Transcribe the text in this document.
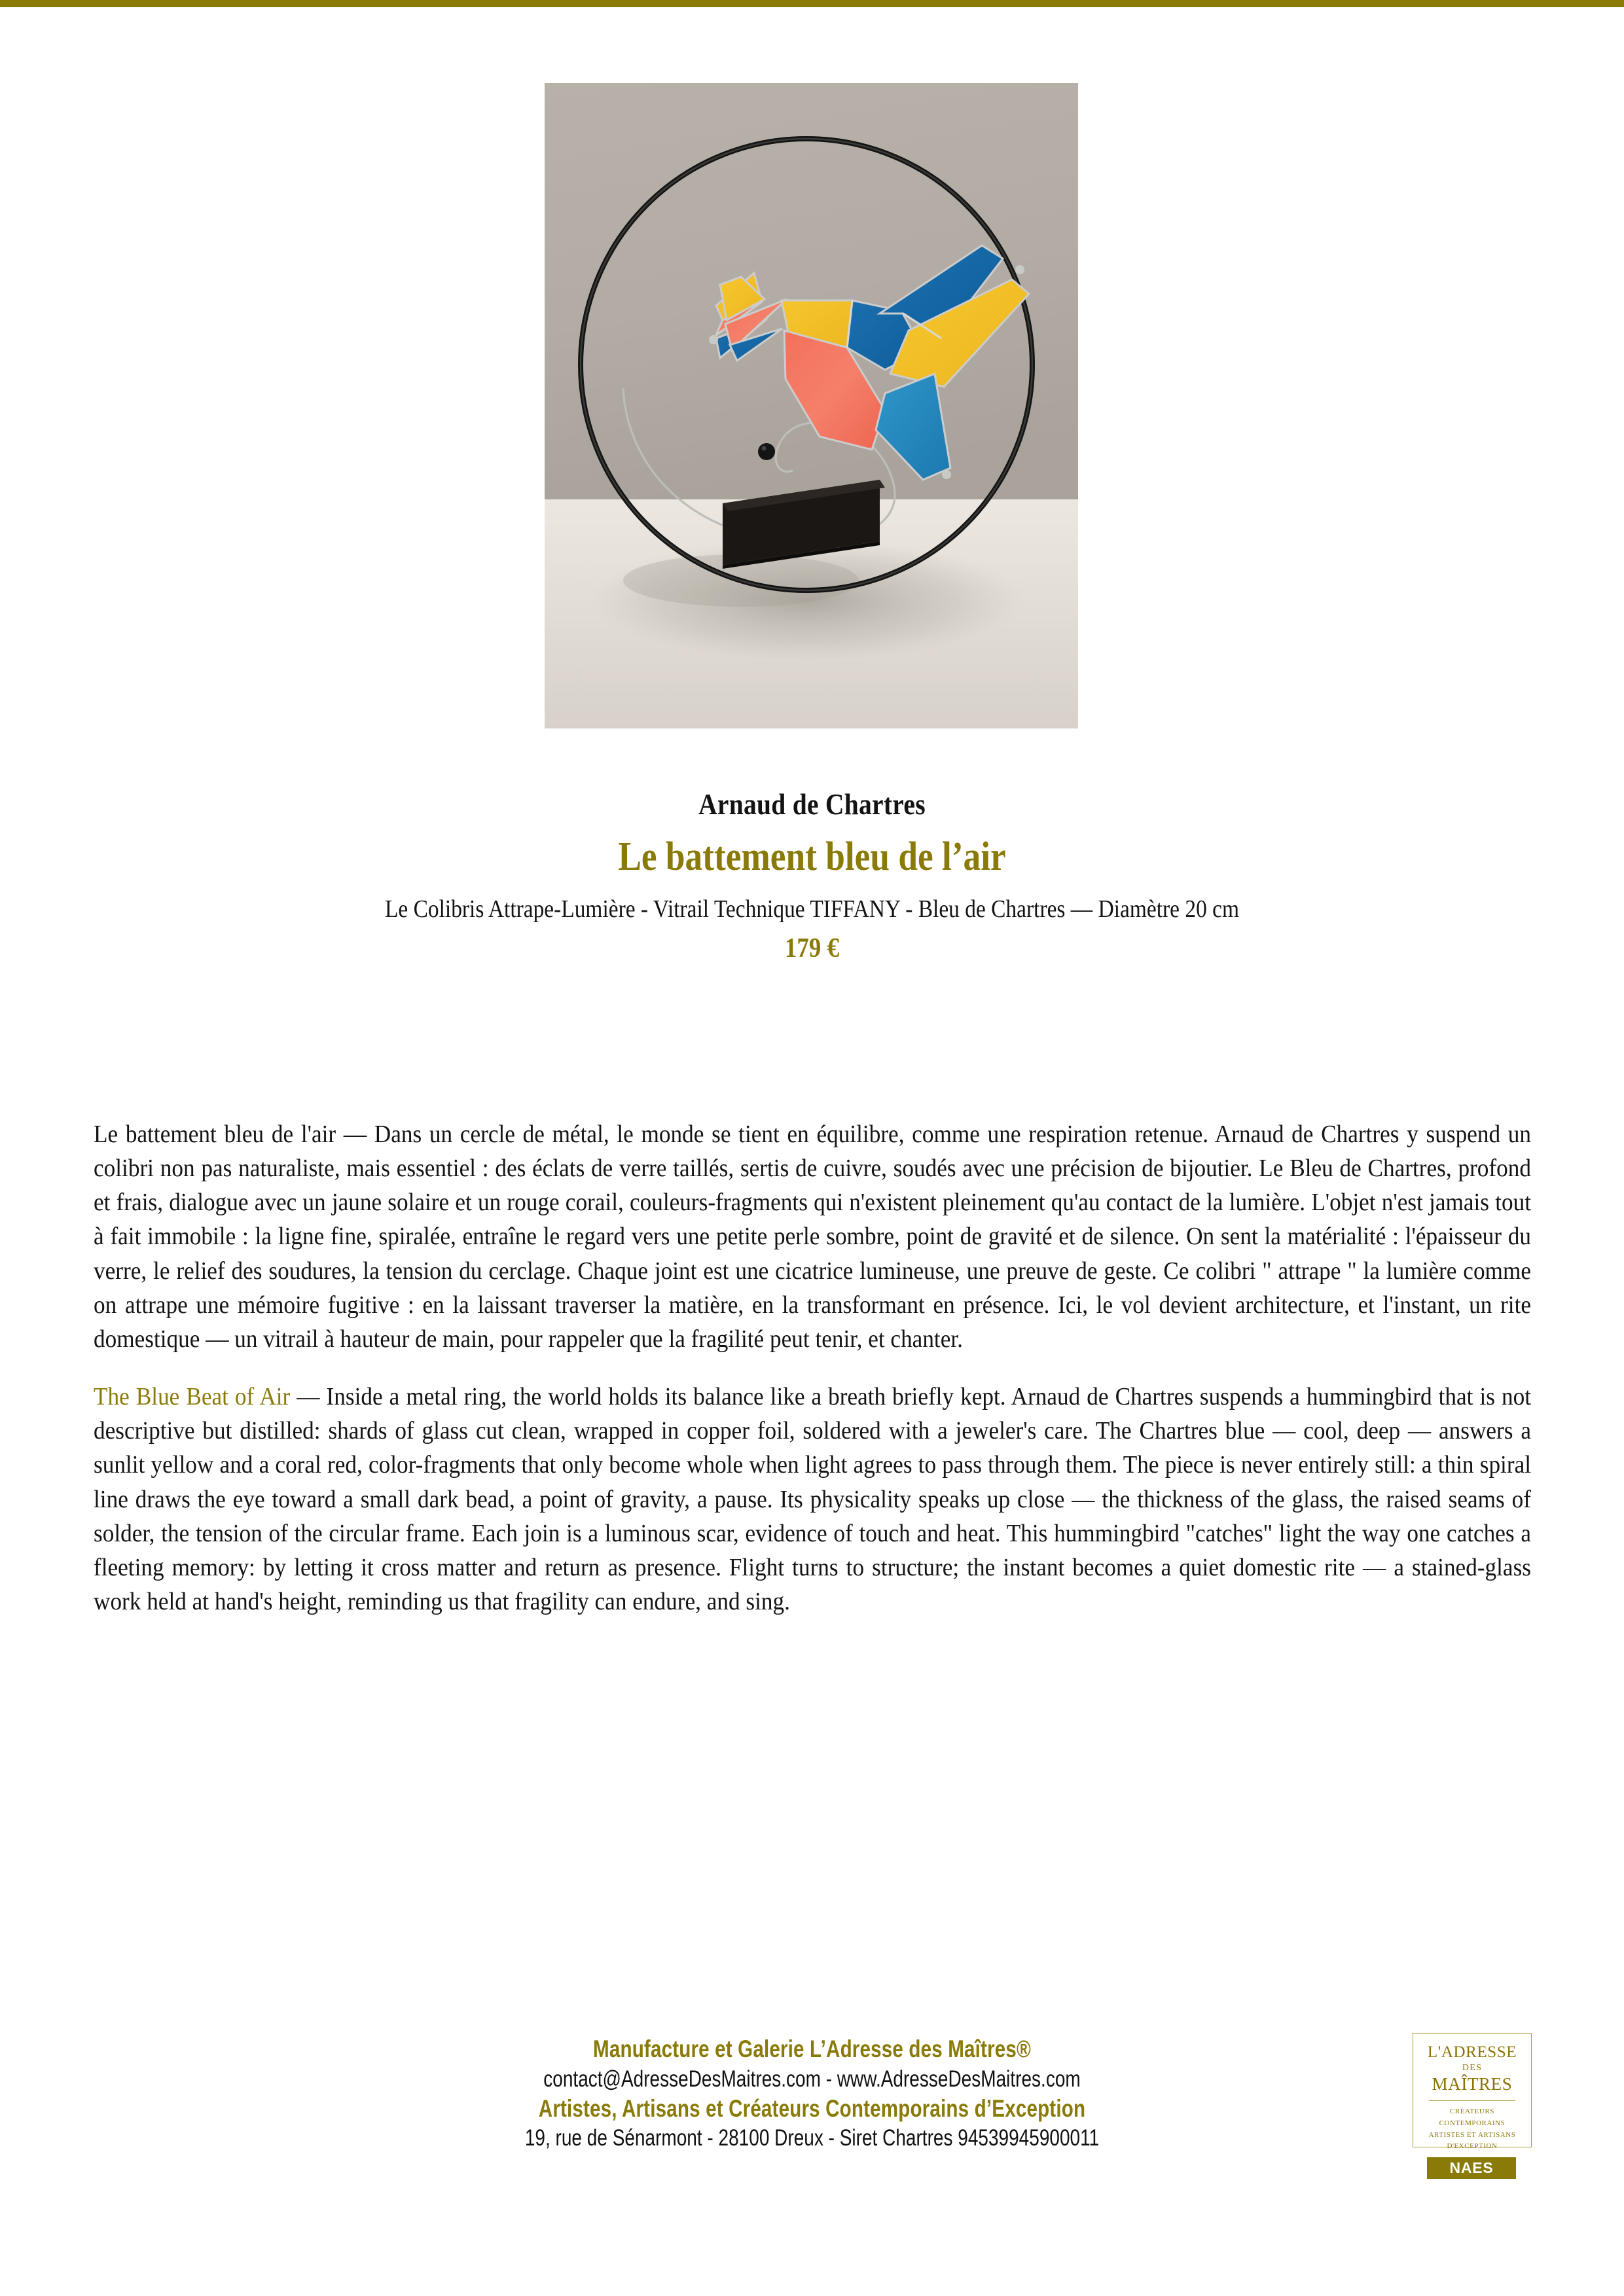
Arnaud de Chartres
Le battement bleu de l’air
Le Colibris Attrape-Lumière - Vitrail Technique TIFFANY - Bleu de Chartres — Diamètre 20 cm
179 €

Le battement bleu de l'air — Dans un cercle de métal, le monde se tient en équilibre, comme une respiration retenue. Arnaud de Chartres y suspend un colibri non pas naturaliste, mais essentiel : des éclats de verre taillés, sertis de cuivre, soudés avec une précision de bijoutier. Le Bleu de Chartres, profond et frais, dialogue avec un jaune solaire et un rouge corail, couleurs-fragments qui n'existent pleinement qu'au contact de la lumière. L'objet n'est jamais tout à fait immobile : la ligne fine, spiralée, entraîne le regard vers une petite perle sombre, point de gravité et de silence. On sent la matérialité : l'épaisseur du verre, le relief des soudures, la tension du cerclage. Chaque joint est une cicatrice lumineuse, une preuve de geste. Ce colibri " attrape " la lumière comme on attrape une mémoire fugitive : en la laissant traverser la matière, en la transformant en présence. Ici, le vol devient architecture, et l'instant, un rite domestique — un vitrail à hauteur de main, pour rappeler que la fragilité peut tenir, et chanter.

The Blue Beat of Air — Inside a metal ring, the world holds its balance like a breath briefly kept. Arnaud de Chartres suspends a hummingbird that is not descriptive but distilled: shards of glass cut clean, wrapped in copper foil, soldered with a jeweler's care. The Chartres blue — cool, deep — answers a sunlit yellow and a coral red, color-fragments that only become whole when light agrees to pass through them. The piece is never entirely still: a thin spiral line draws the eye toward a small dark bead, a point of gravity, a pause. Its physicality speaks up close — the thickness of the glass, the raised seams of solder, the tension of the circular frame. Each join is a luminous scar, evidence of touch and heat. This hummingbird "catches" light the way one catches a fleeting memory: by letting it cross matter and return as presence. Flight turns to structure; the instant becomes a quiet domestic rite — a stained-glass work held at hand's height, reminding us that fragility can endure, and sing.

Manufacture et Galerie L’Adresse des Maîtres®
contact@AdresseDesMaitres.com - www.AdresseDesMaitres.com
Artistes, Artisans et Créateurs Contemporains d’Exception
19, rue de Sénarmont - 28100 Dreux - Siret Chartres 94539945900011
L'ADRESSE
DES
MAÎTRES
CRÉATEURS CONTEMPORAINS
ARTISTES ET ARTISANS
D'EXCEPTION
NAES
